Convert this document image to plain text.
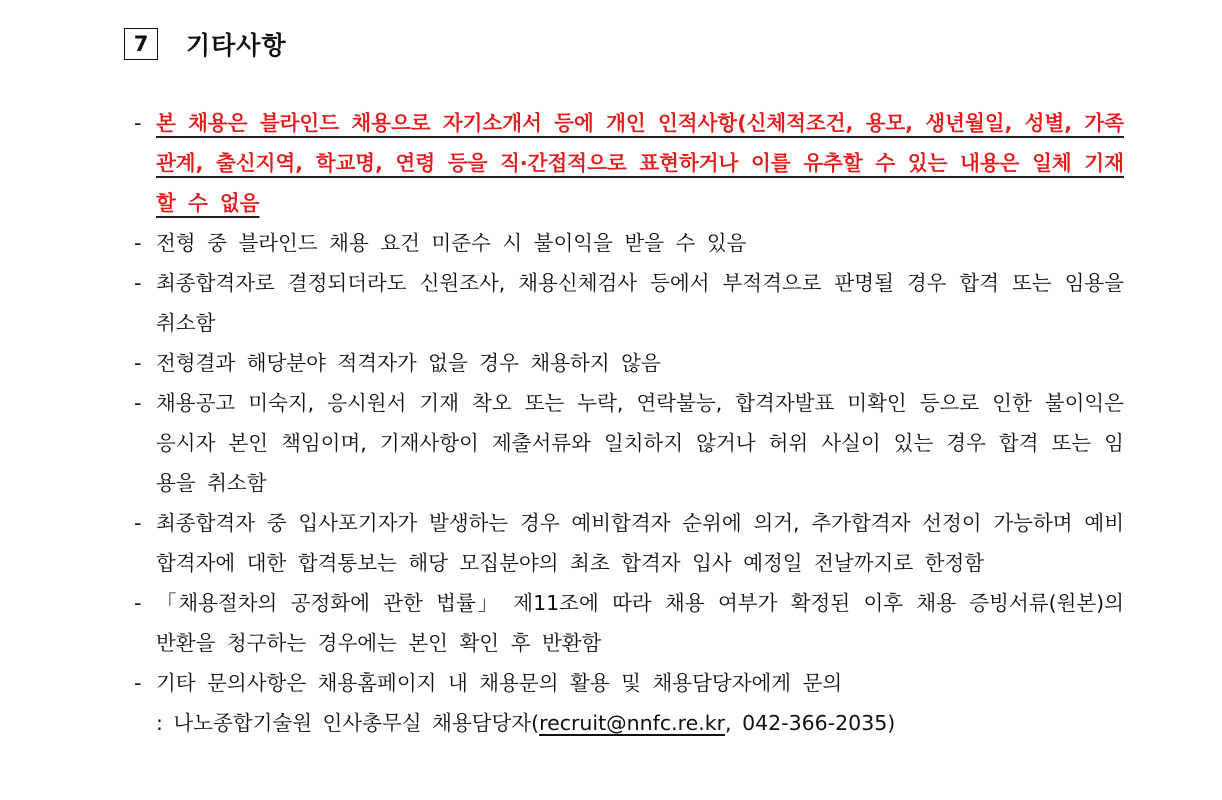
7	기타사항
- 본 채용은 블라인드 채용으로 자기소개서 등에 개인 인적사항(신체적조건, 용모, 생년월일, 성별, 가족관계, 출신지역, 학교명, 연령 등을 직·간접적으로 표현하거나 이를 유추할 수 있는 내용은 일체 기재할 수 없음
- 전형 중 블라인드 채용 요건 미준수 시 불이익을 받을 수 있음
- 최종합격자로 결정되더라도 신원조사, 채용신체검사 등에서 부적격으로 판명될 경우 합격 또는 임용을 취소함
- 전형결과 해당분야 적격자가 없을 경우 채용하지 않음
- 채용공고 미숙지, 응시원서 기재 착오 또는 누락, 연락불능, 합격자발표 미확인 등으로 인한 불이익은 응시자 본인 책임이며, 기재사항이 제출서류와 일치하지 않거나 허위 사실이 있는 경우 합격 또는 임용을 취소함
- 최종합격자 중 입사포기자가 발생하는 경우 예비합격자 순위에 의거, 추가합격자 선정이 가능하며 예비합격자에 대한 합격통보는 해당 모집분야의 최초 합격자 입사 예정일 전날까지로 한정함
- 「채용절차의 공정화에 관한 법률」 제11조에 따라 채용 여부가 확정된 이후 채용 증빙서류(원본)의 반환을 청구하는 경우에는 본인 확인 후 반환함
- 기타 문의사항은 채용홈페이지 내 채용문의 활용 및 채용담당자에게 문의
: 나노종합기술원 인사총무실 채용담당자(recruit@nnfc.re.kr, 042-366-2035)
